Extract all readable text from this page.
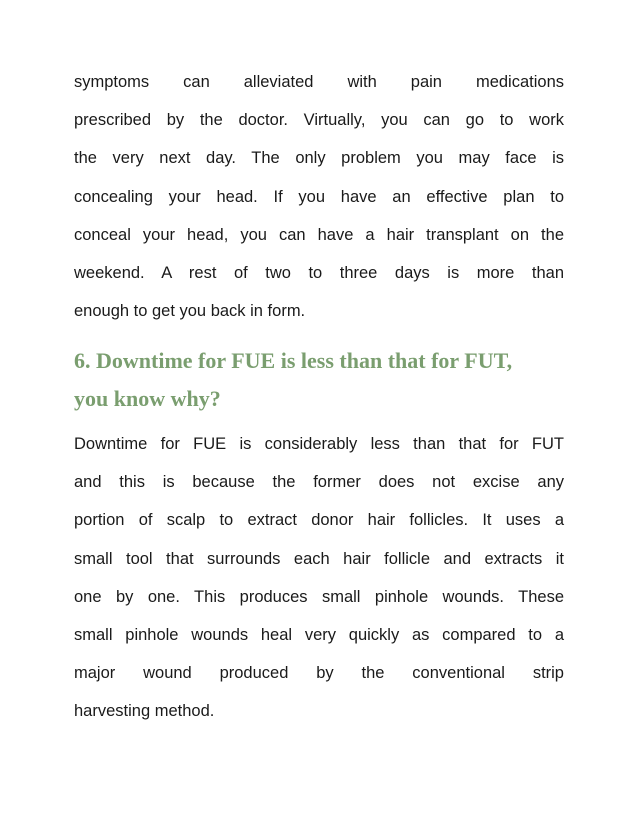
symptoms can alleviated with pain medications
prescribed by the doctor. Virtually, you can go to work
the very next day. The only problem you may face is
concealing your head. If you have an effective plan to
conceal your head, you can have a hair transplant on the
weekend. A rest of two to three days is more than
enough to get you back in form.
6. Downtime for FUE is less than that for FUT,
you know why?
Downtime for FUE is considerably less than that for FUT
and this is because the former does not excise any
portion of scalp to extract donor hair follicles. It uses a
small tool that surrounds each hair follicle and extracts it
one by one. This produces small pinhole wounds. These
small pinhole wounds heal very quickly as compared to a
major wound produced by the conventional strip
harvesting method.
